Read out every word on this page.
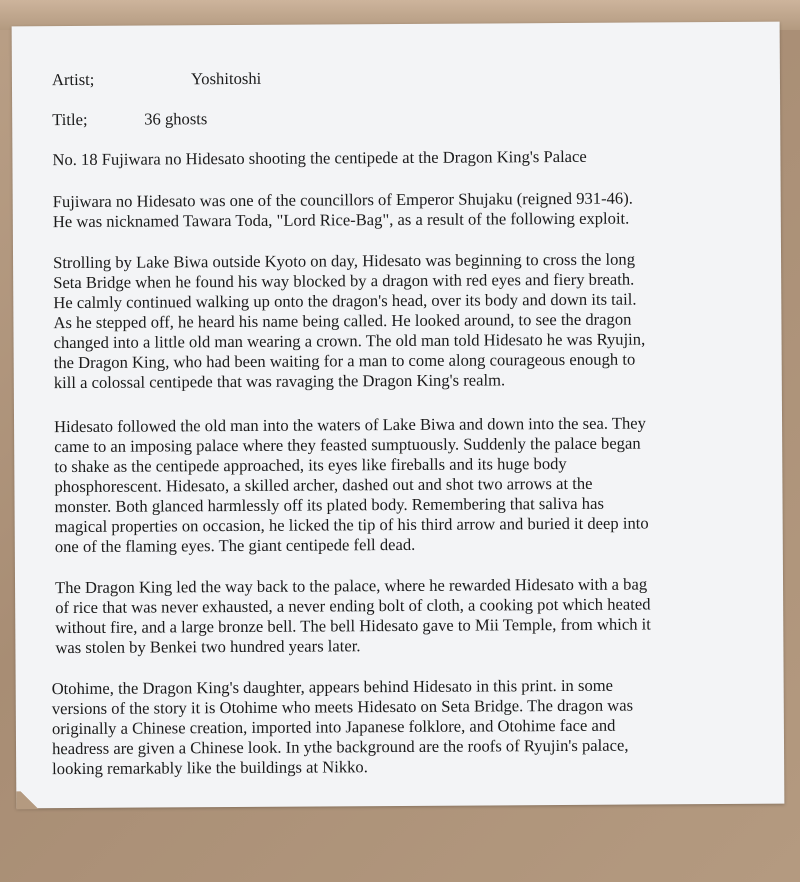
Artist;	Yoshitoshi

Title;	36 ghosts

No. 18 Fujiwara no Hidesato shooting the centipede at the Dragon King's Palace

Fujiwara no Hidesato was one of the councillors of Emperor Shujaku (reigned 931-46).
He was nicknamed Tawara Toda, "Lord Rice-Bag", as a result of the following exploit.
Strolling by Lake Biwa outside Kyoto on day, Hidesato was beginning to cross the long
Seta Bridge when he found his way blocked by a dragon with red eyes and fiery breath.
He calmly continued walking up onto the dragon's head, over its body and down its tail.
As he stepped off, he heard his name being called. He looked around, to see the dragon
changed into a little old man wearing a crown. The old man told Hidesato he was Ryujin,
the Dragon King, who had been waiting for a man to come along courageous enough to
kill a colossal centipede that was ravaging the Dragon King's realm.
Hidesato followed the old man into the waters of Lake Biwa and down into the sea. They
came to an imposing palace where they feasted sumptuously. Suddenly the palace began
to shake as the centipede approached, its eyes like fireballs and its huge body
phosphorescent. Hidesato, a skilled archer, dashed out and shot two arrows at the
monster. Both glanced harmlessly off its plated body. Remembering that saliva has
magical properties on occasion, he licked the tip of his third arrow and buried it deep into
one of the flaming eyes. The giant centipede fell dead.
The Dragon King led the way back to the palace, where he rewarded Hidesato with a bag
of rice that was never exhausted, a never ending bolt of cloth, a cooking pot which heated
without fire, and a large bronze bell. The bell Hidesato gave to Mii Temple, from which it
was stolen by Benkei two hundred years later.
Otohime, the Dragon King's daughter, appears behind Hidesato in this print. in some
versions of the story it is Otohime who meets Hidesato on Seta Bridge. The dragon was
originally a Chinese creation, imported into Japanese folklore, and Otohime face and
headress are given a Chinese look. In ythe background are the roofs of Ryujin's palace,
looking remarkably like the buildings at Nikko.
